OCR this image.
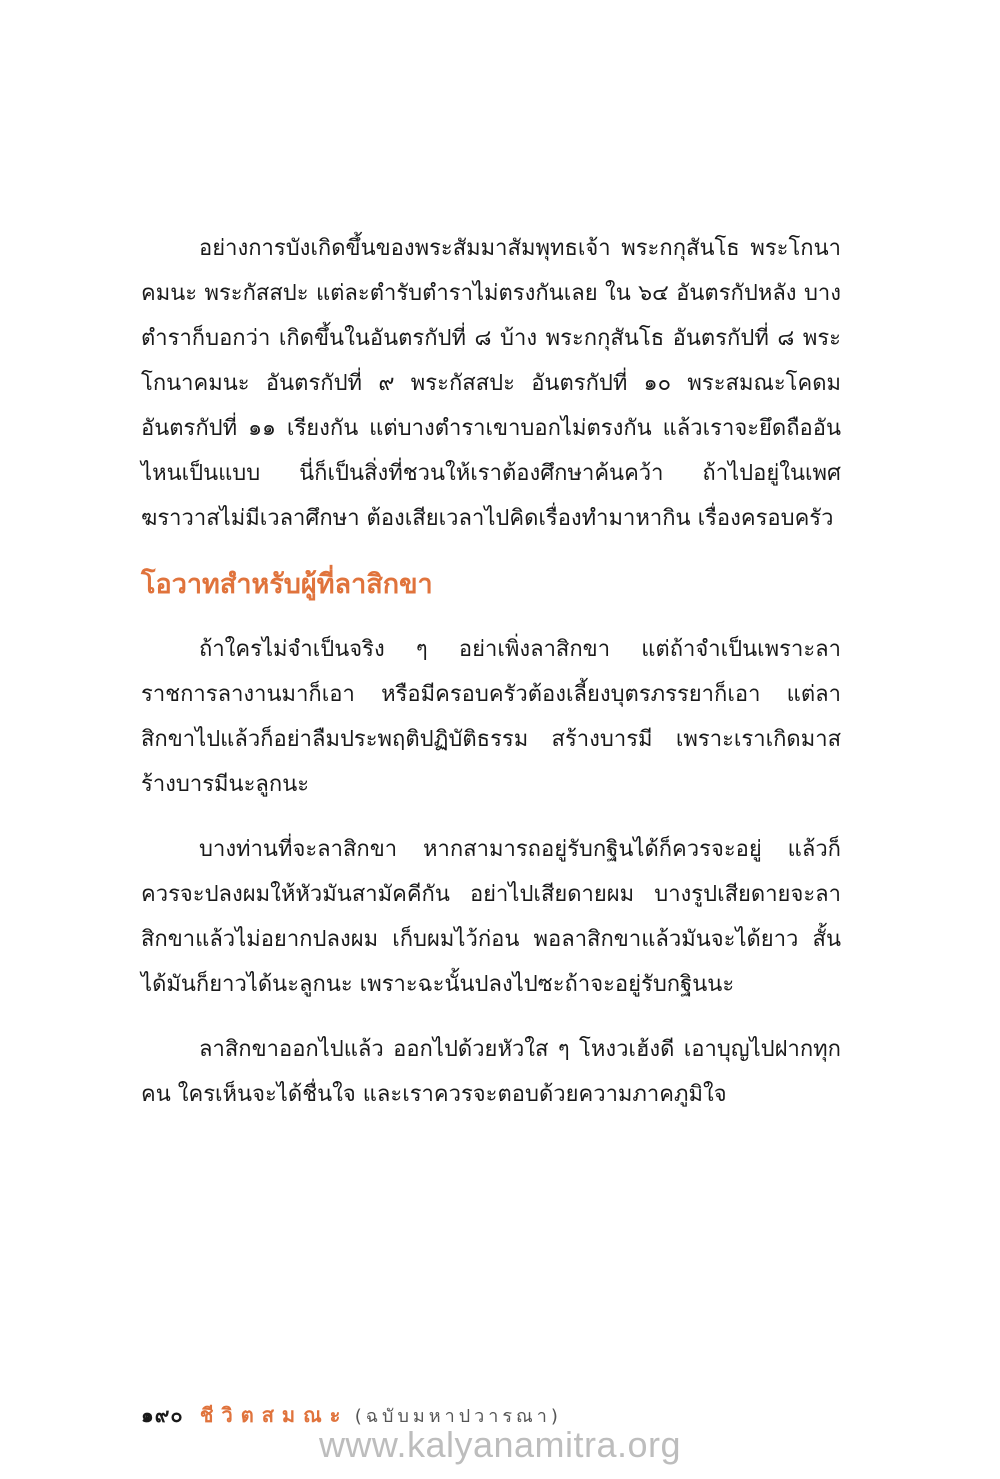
อย่างการบังเกิดขึ้นของพระสัมมาสัมพุทธเจ้า พระกกุสันโธ พระโกนาคมนะ พระกัสสปะ แต่ละตำรับตำราไม่ตรงกันเลย ใน ๖๔ อันตรกัปหลัง บางตำราก็บอกว่า เกิดขึ้นในอันตรกัปที่ ๘ บ้าง พระกกุสันโธ อันตรกัปที่ ๘ พระโกนาคมนะ อันตรกัปที่ ๙ พระกัสสปะ อันตรกัปที่ ๑๐ พระสมณะโคดม อันตรกัปที่ ๑๑ เรียงกัน แต่บางตำราเขาบอกไม่ตรงกัน แล้วเราจะยึดถืออันไหนเป็นแบบ นี่ก็เป็นสิ่งที่ชวนให้เราต้องศึกษาค้นคว้า ถ้าไปอยู่ในเพศฆราวาสไม่มีเวลาศึกษา ต้องเสียเวลาไปคิดเรื่องทำมาหากิน เรื่องครอบครัว

โอวาทสำหรับผู้ที่ลาสิกขา

ถ้าใครไม่จำเป็นจริง ๆ อย่าเพิ่งลาสิกขา แต่ถ้าจำเป็นเพราะลาราชการลางานมาก็เอา หรือมีครอบครัวต้องเลี้ยงบุตรภรรยาก็เอา แต่ลาสิกขาไปแล้วก็อย่าลืมประพฤติปฏิบัติธรรม สร้างบารมี เพราะเราเกิดมาสร้างบารมีนะลูกนะ

บางท่านที่จะลาสิกขา หากสามารถอยู่รับกฐินได้ก็ควรจะอยู่ แล้วก็ควรจะปลงผมให้หัวมันสามัคคีกัน อย่าไปเสียดายผม บางรูปเสียดายจะลาสิกขาแล้วไม่อยากปลงผม เก็บผมไว้ก่อน พอลาสิกขาแล้วมันจะได้ยาว สั้นได้มันก็ยาวได้นะลูกนะ เพราะฉะนั้นปลงไปซะถ้าจะอยู่รับกฐินนะ

ลาสิกขาออกไปแล้ว ออกไปด้วยหัวใส ๆ โหงวเฮ้งดี เอาบุญไปฝากทุกคน ใครเห็นจะได้ชื่นใจ และเราควรจะตอบด้วยความภาคภูมิใจ

๑๙๐ ชีวิตสมณะ (ฉบับมหาปวารณา)
www.kalyanamitra.org
